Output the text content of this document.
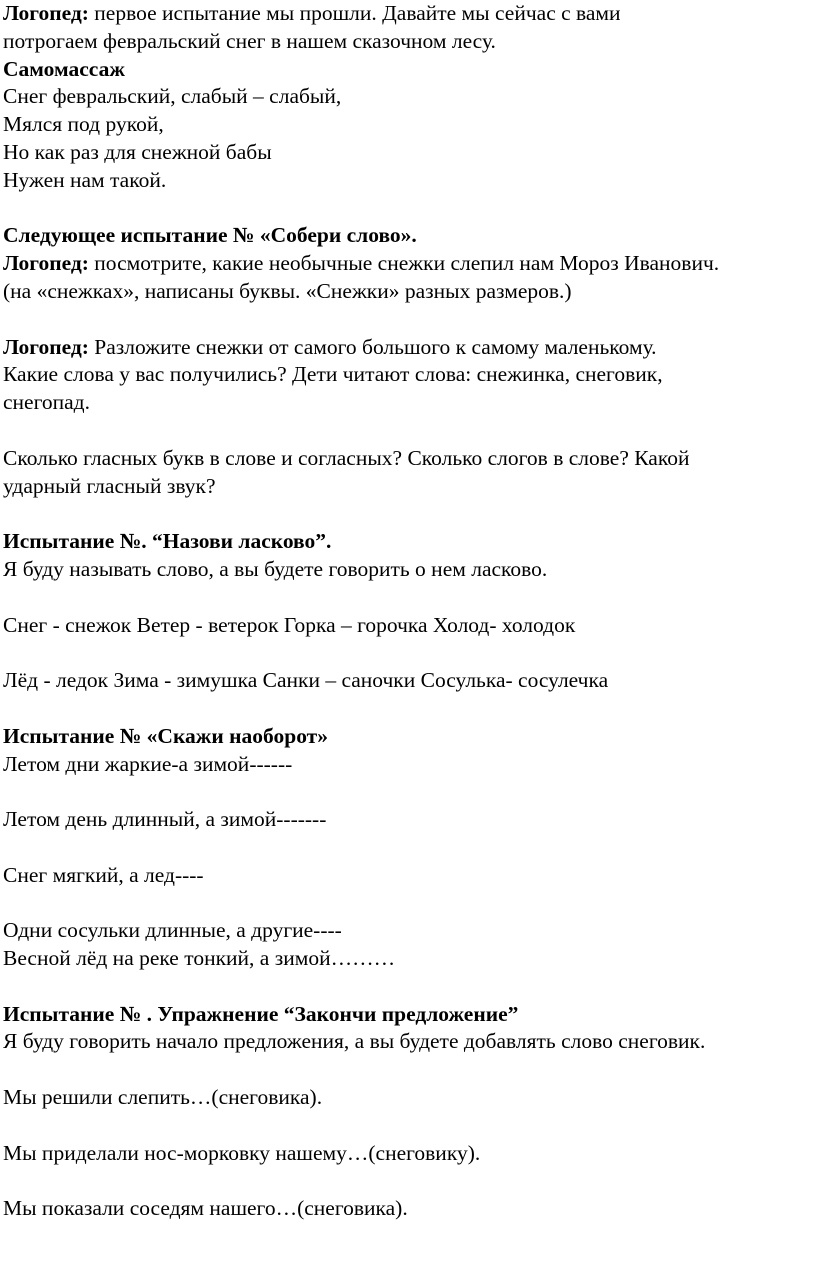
Логопед: первое испытание мы прошли. Давайте мы сейчас с вами
потрогаем февральский снег в нашем сказочном лесу.
Самомассаж
Снег февральский, слабый – слабый,
Мялся под рукой,
Но как раз для снежной бабы
Нужен нам такой.
Следующее испытание № «Собери слово».
Логопед: посмотрите, какие необычные снежки слепил нам Мороз Иванович.
(на «снежках», написаны буквы. «Снежки» разных размеров.)
Логопед: Разложите снежки от самого большого к самому маленькому.
Какие слова у вас получились? Дети читают слова: снежинка, снеговик,
снегопад.
Сколько гласных букв в слове и согласных? Сколько слогов в слове? Какой
ударный гласный звук?
Испытание №. “Назови ласково”.
Я буду называть слово, а вы будете говорить о нем ласково.
Снег - снежок Ветер - ветерок Горка – горочка Холод- холодок
Лёд - ледок Зима - зимушка Санки – саночки Сосулька- сосулечка
Испытание № «Скажи наоборот»
Летом дни жаркие-а зимой------
Летом день длинный, а зимой-------
Снег мягкий, а лед----
Одни сосульки длинные, а другие----
Весной лёд на реке тонкий, а зимой………
Испытание № . Упражнение “Закончи предложение”
Я буду говорить начало предложения, а вы будете добавлять слово снеговик.
Мы решили слепить…(снеговика).
Мы приделали нос-морковку нашему…(снеговику).
Мы показали соседям нашего…(снеговика).
